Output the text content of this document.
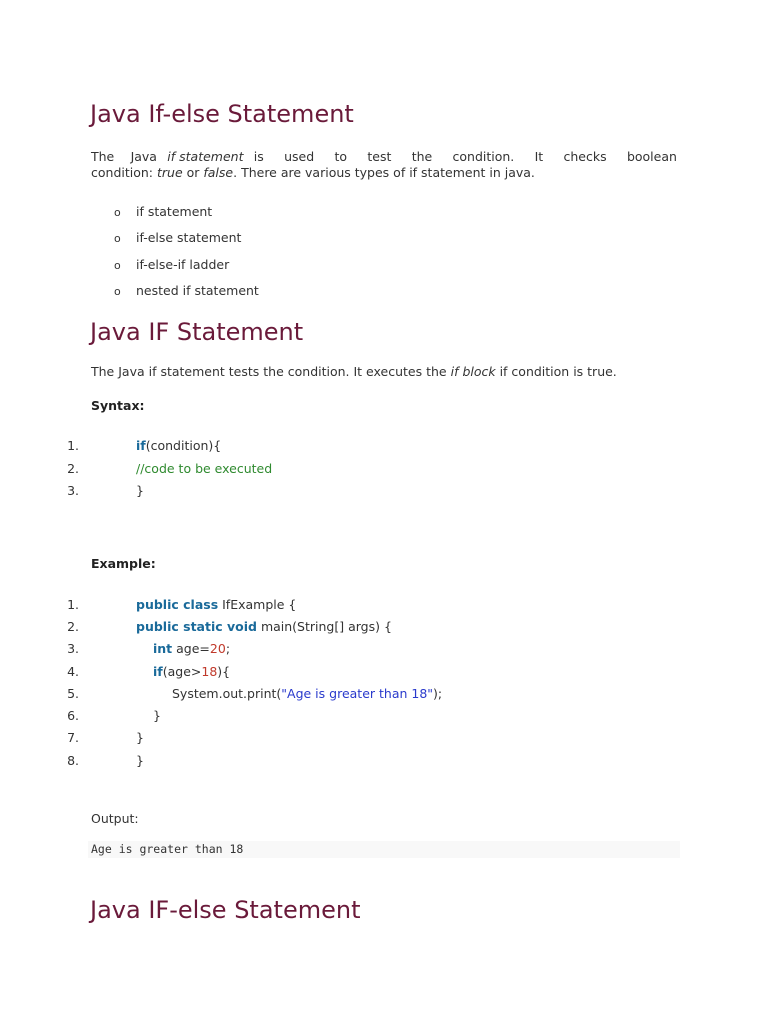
Java If-else Statement
The Java if statement is used to test the condition. It checks boolean
condition: true or false. There are various types of if statement in java.
o if statement
o if-else statement
o if-else-if ladder
o nested if statement
Java IF Statement
The Java if statement tests the condition. It executes the if block if condition is true.
Syntax:
1.	if(condition){
2.	//code to be executed
3.	}
Example:
1.	public class IfExample {
2.	public static void main(String[] args) {
3.	int age=20;
4.	if(age>18){
5.	System.out.print("Age is greater than 18");
6.	}
7.	}
8.	}
Output:
Age is greater than 18
Java IF-else Statement
